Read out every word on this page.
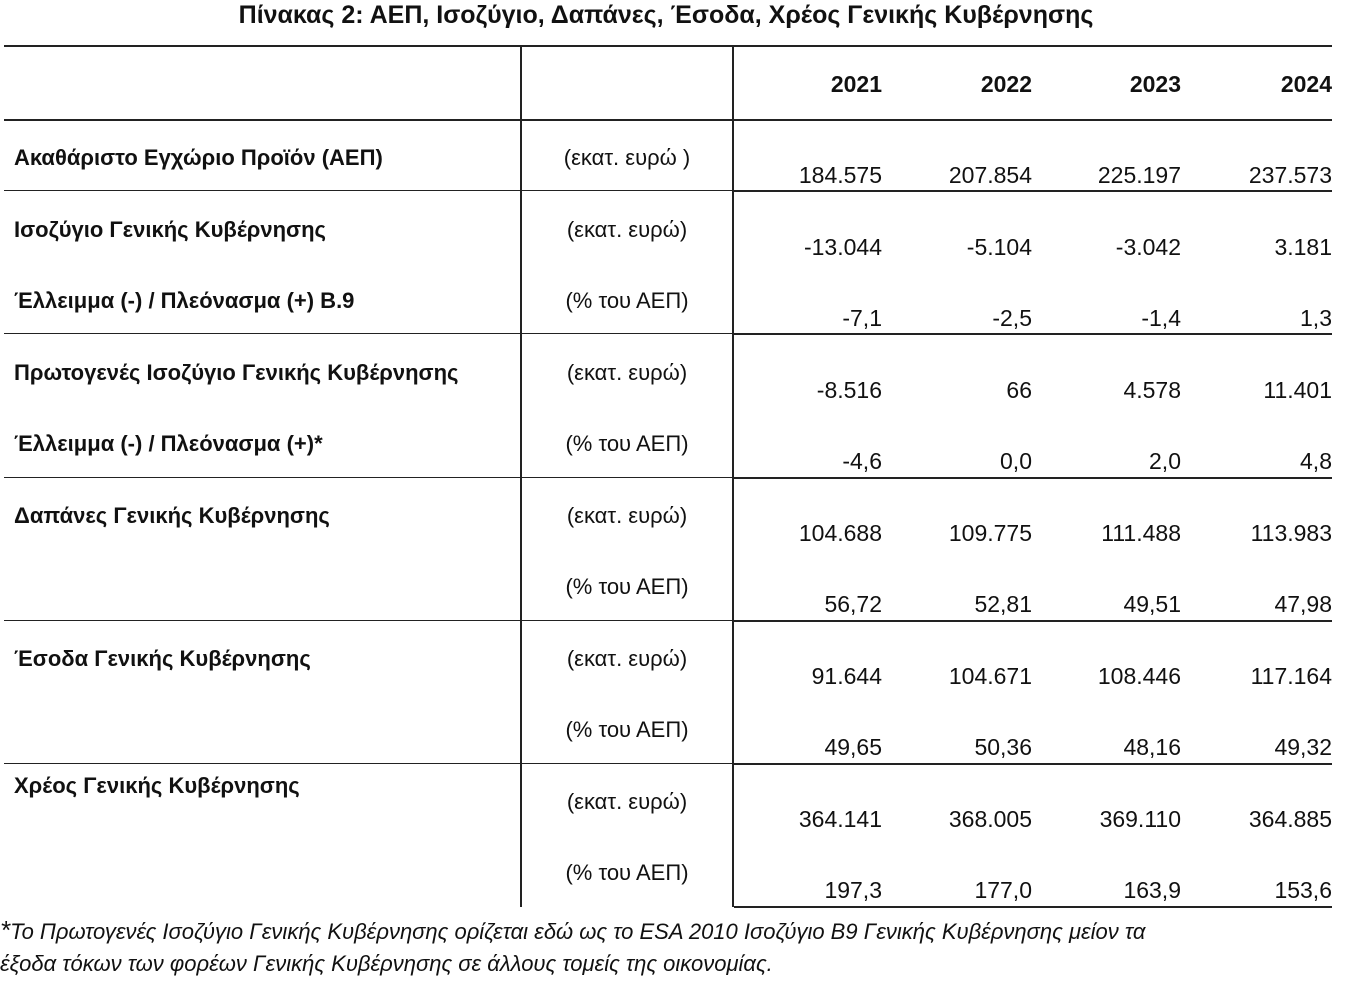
Πίνακας 2: ΑΕΠ, Ισοζύγιο, Δαπάνες, Έσοδα, Χρέος Γενικής Κυβέρνησης
2021	2022	2023	2024
Ακαθάριστο Εγχώριο Προϊόν (ΑΕΠ)	(εκατ. ευρώ )
184.575	207.854	225.197	237.573
Ισοζύγιο Γενικής Κυβέρνησης	(εκατ. ευρώ)
-13.044	-5.104	-3.042	3.181
Έλλειμμα (-) / Πλεόνασμα (+) Β.9	(% του ΑΕΠ)
-7,1	-2,5	-1,4	1,3
Πρωτογενές Ισοζύγιο Γενικής Κυβέρνησης	(εκατ. ευρώ)
-8.516	66	4.578	11.401
Έλλειμμα (-) / Πλεόνασμα (+)*	(% του ΑΕΠ)
-4,6	0,0	2,0	4,8
Δαπάνες Γενικής Κυβέρνησης	(εκατ. ευρώ)
104.688	109.775	111.488	113.983
(% του ΑΕΠ)
56,72	52,81	49,51	47,98
Έσοδα Γενικής Κυβέρνησης	(εκατ. ευρώ)
91.644	104.671	108.446	117.164
(% του ΑΕΠ)
49,65	50,36	48,16	49,32
Χρέος Γενικής Κυβέρνησης
(εκατ. ευρώ)
364.141	368.005	369.110	364.885
(% του ΑΕΠ)
197,3	177,0	163,9	153,6
*Το Πρωτογενές Ισοζύγιο Γενικής Κυβέρνησης ορίζεται εδώ ως το ESA 2010 Ισοζύγιο Β9 Γενικής Κυβέρνησης μείον τα
έξοδα τόκων των φορέων Γενικής Κυβέρνησης σε άλλους τομείς της οικονομίας.
